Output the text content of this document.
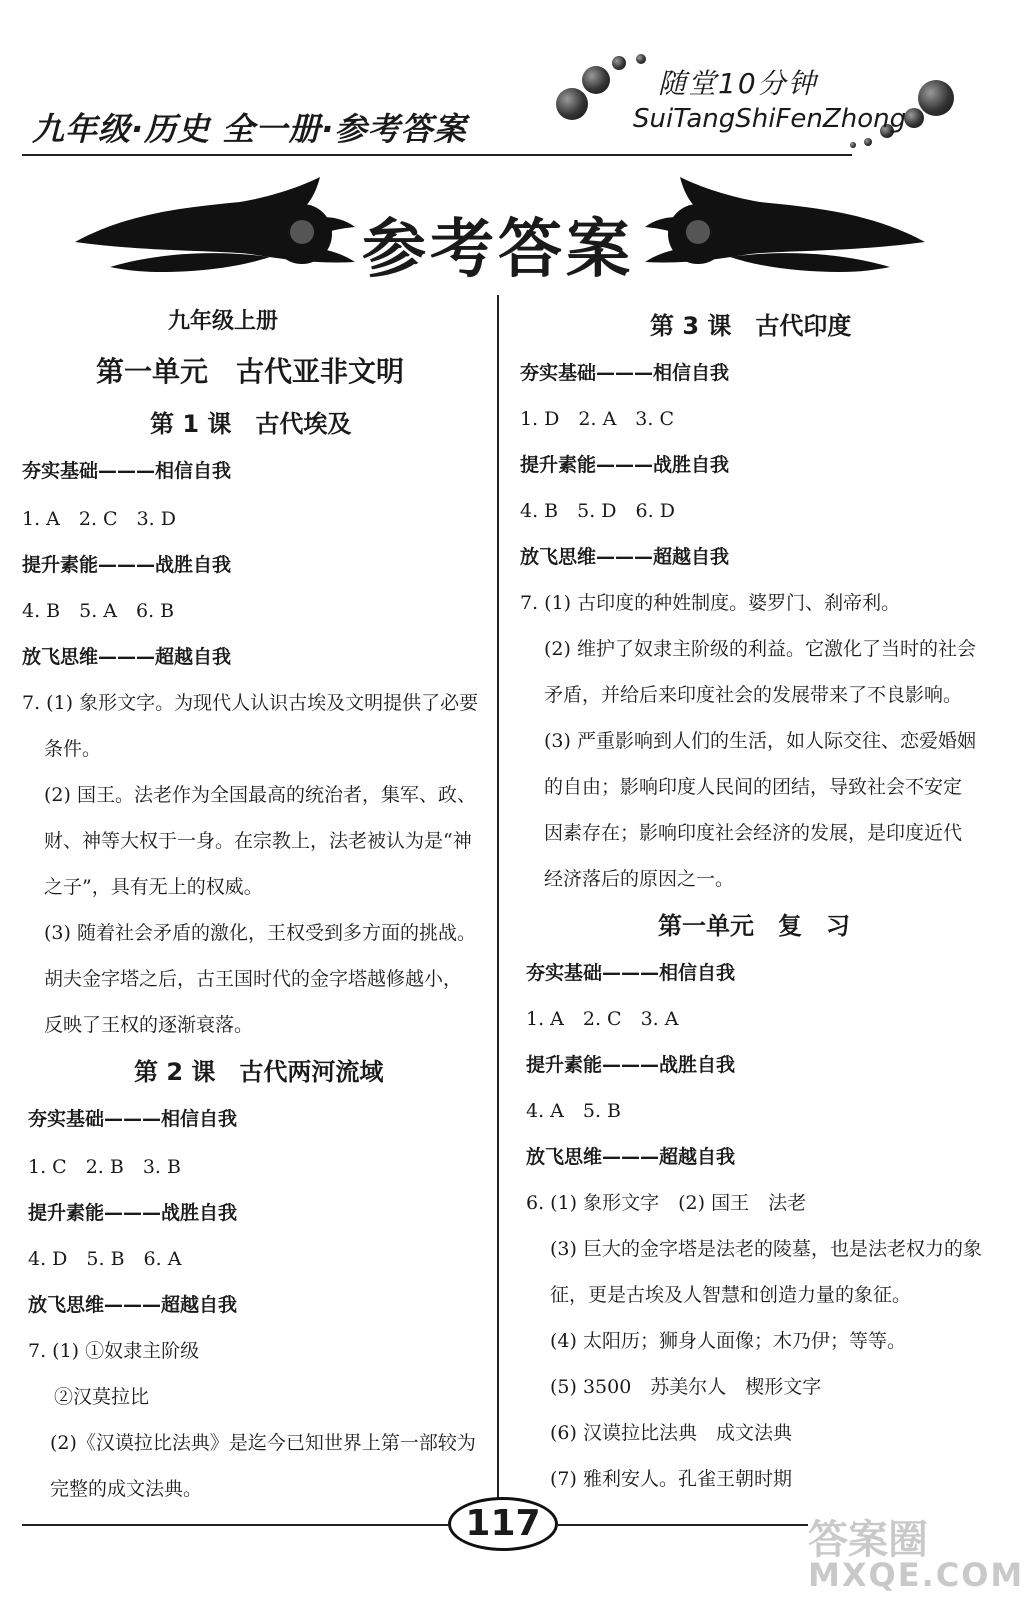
九年级·历史 全一册·参考答案
随堂10分钟
SuiTangShiFenZhong
参考答案
九年级上册
第一单元　古代亚非文明
第 1 课　古代埃及
夯实基础———相信自我
1. A　2. C　3. D
提升素能———战胜自我
4. B　5. A　6. B
放飞思维———超越自我
7. (1) 象形文字。为现代人认识古埃及文明提供了必要
条件。
(2) 国王。法老作为全国最高的统治者，集军、政、
财、神等大权于一身。在宗教上，法老被认为是“神
之子”，具有无上的权威。
(3) 随着社会矛盾的激化，王权受到多方面的挑战。
胡夫金字塔之后，古王国时代的金字塔越修越小，
反映了王权的逐渐衰落。
第 2 课　古代两河流域
夯实基础———相信自我
1. C　2. B　3. B
提升素能———战胜自我
4. D　5. B　6. A
放飞思维———超越自我
7. (1) ①奴隶主阶级
②汉莫拉比
(2)《汉谟拉比法典》是迄今已知世界上第一部较为
完整的成文法典。
第 3 课　古代印度
夯实基础———相信自我
1. D　2. A　3. C
提升素能———战胜自我
4. B　5. D　6. D
放飞思维———超越自我
7. (1) 古印度的种姓制度。婆罗门、刹帝利。
(2) 维护了奴隶主阶级的利益。它激化了当时的社会
矛盾，并给后来印度社会的发展带来了不良影响。
(3) 严重影响到人们的生活，如人际交往、恋爱婚姻
的自由；影响印度人民间的团结，导致社会不安定
因素存在；影响印度社会经济的发展，是印度近代
经济落后的原因之一。
第一单元　复　习
夯实基础———相信自我
1. A　2. C　3. A
提升素能———战胜自我
4. A　5. B
放飞思维———超越自我
6. (1) 象形文字　(2) 国王　法老
(3) 巨大的金字塔是法老的陵墓，也是法老权力的象
征，更是古埃及人智慧和创造力量的象征。
(4) 太阳历；狮身人面像；木乃伊；等等。
(5) 3500　苏美尔人　楔形文字
(6) 汉谟拉比法典　成文法典
(7) 雅利安人。孔雀王朝时期
117	答案圈
MXQE.COM
